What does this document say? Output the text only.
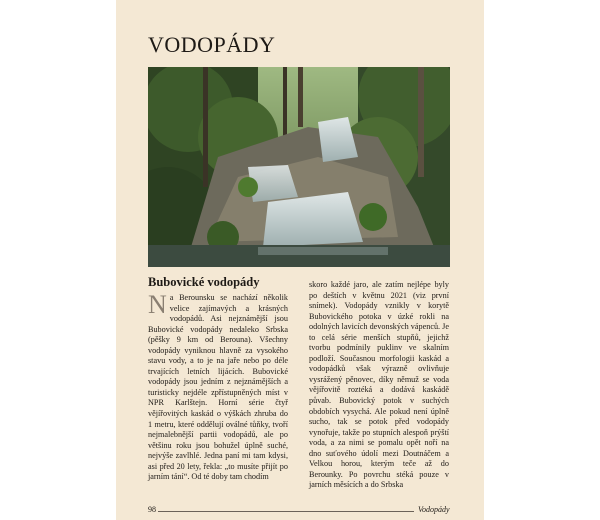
VODOPÁDY
Bubovické vodopády
Na Berounsku se nachází několik velice zajímavých a krásných vodopádů. Asi nejznámější jsou Bubovické vodopády nedaleko Srbska (pěšky 9 km od Berouna). Všechny vodopády vyniknou hlavně za vysokého stavu vody, a to je na jaře nebo po déle trvajících letních lijácích. Bubovické vodopády jsou jedním z nejznámějších a turisticky nejdéle zpřístupněných míst v NPR Karlštejn. Horní série čtyř vějířovitých kaskád o výškách zhruba do 1 metru, které oddělují oválné tůňky, tvoří nejmalebnější partii vodopádů, ale po většinu roku jsou bohužel úplně suché, nejvýše zavlhlé. Jedna paní mi tam kdysi, asi před 20 lety, řekla: „to musíte přijít po jarním tání“. Od té doby tam chodím
skoro každé jaro, ale zatím nejlépe byly po deštích v květnu 2021 (viz první snímek). Vodopády vznikly v korytě Bubovického potoka v úzké rokli na odolných lavicích devonských vápenců. Je to celá série menších stupňů, jejichž tvorbu podmínily puklinv ve skalním podloží. Současnou morfologii kaskád a vodopádků však výrazně ovlivňuje vysrážený pěnovec, díky němuž se voda vějířovitě roztéká a dodává kaskádě půvab. Bubovický potok v suchých obdobích vysychá. Ale pokud není úplně sucho, tak se potok před vodopády vynořuje, takže po stupních alespoň prýští voda, a za nimi se pomalu opět noří na dno suťového údolí mezi Doutnáčem a Velkou horou, kterým teče až do Berounky. Po povrchu stéká pouze v jarních měsících a do Srbska
98	Vodopády
